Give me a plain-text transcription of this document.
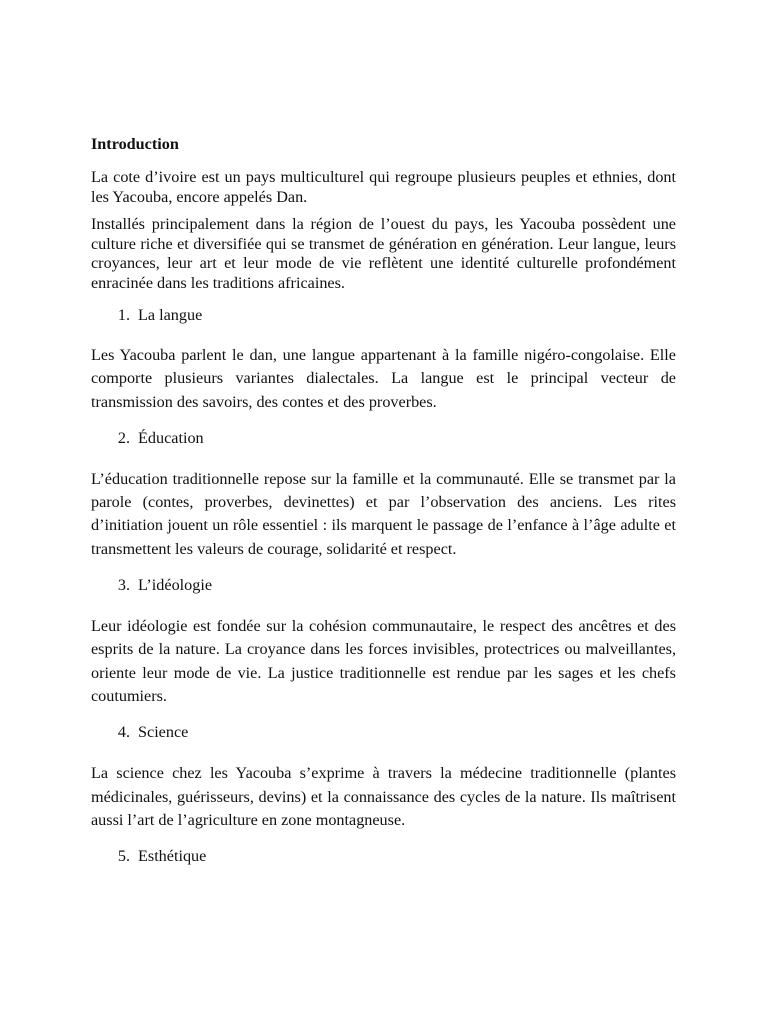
Introduction

La cote d’ivoire est un pays multiculturel qui regroupe plusieurs peuples et ethnies, dont les Yacouba, encore appelés Dan.

Installés principalement dans la région de l’ouest du pays, les Yacouba possèdent une culture riche et diversifiée qui se transmet de génération en génération. Leur langue, leurs croyances, leur art et leur mode de vie reflètent une identité culturelle profondément enracinée dans les traditions africaines.

1. La langue

Les Yacouba parlent le dan, une langue appartenant à la famille nigéro-congolaise. Elle comporte plusieurs variantes dialectales. La langue est le principal vecteur de transmission des savoirs, des contes et des proverbes.

2. Éducation

L’éducation traditionnelle repose sur la famille et la communauté. Elle se transmet par la parole (contes, proverbes, devinettes) et par l’observation des anciens. Les rites d’initiation jouent un rôle essentiel : ils marquent le passage de l’enfance à l’âge adulte et transmettent les valeurs de courage, solidarité et respect.

3. L’idéologie

Leur idéologie est fondée sur la cohésion communautaire, le respect des ancêtres et des esprits de la nature. La croyance dans les forces invisibles, protectrices ou malveillantes, oriente leur mode de vie. La justice traditionnelle est rendue par les sages et les chefs coutumiers.

4. Science

La science chez les Yacouba s’exprime à travers la médecine traditionnelle (plantes médicinales, guérisseurs, devins) et la connaissance des cycles de la nature. Ils maîtrisent aussi l’art de l’agriculture en zone montagneuse.

5. Esthétique
